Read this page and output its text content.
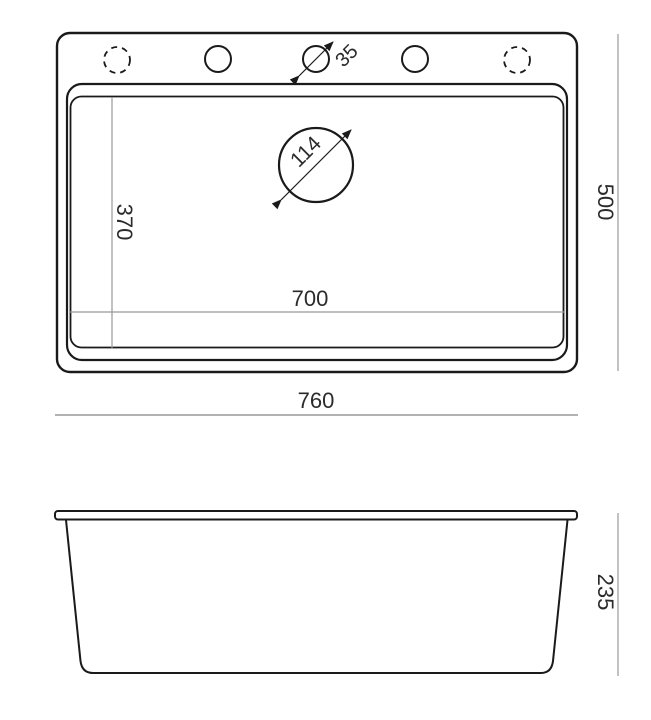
35
114
370
700
760
500
235
